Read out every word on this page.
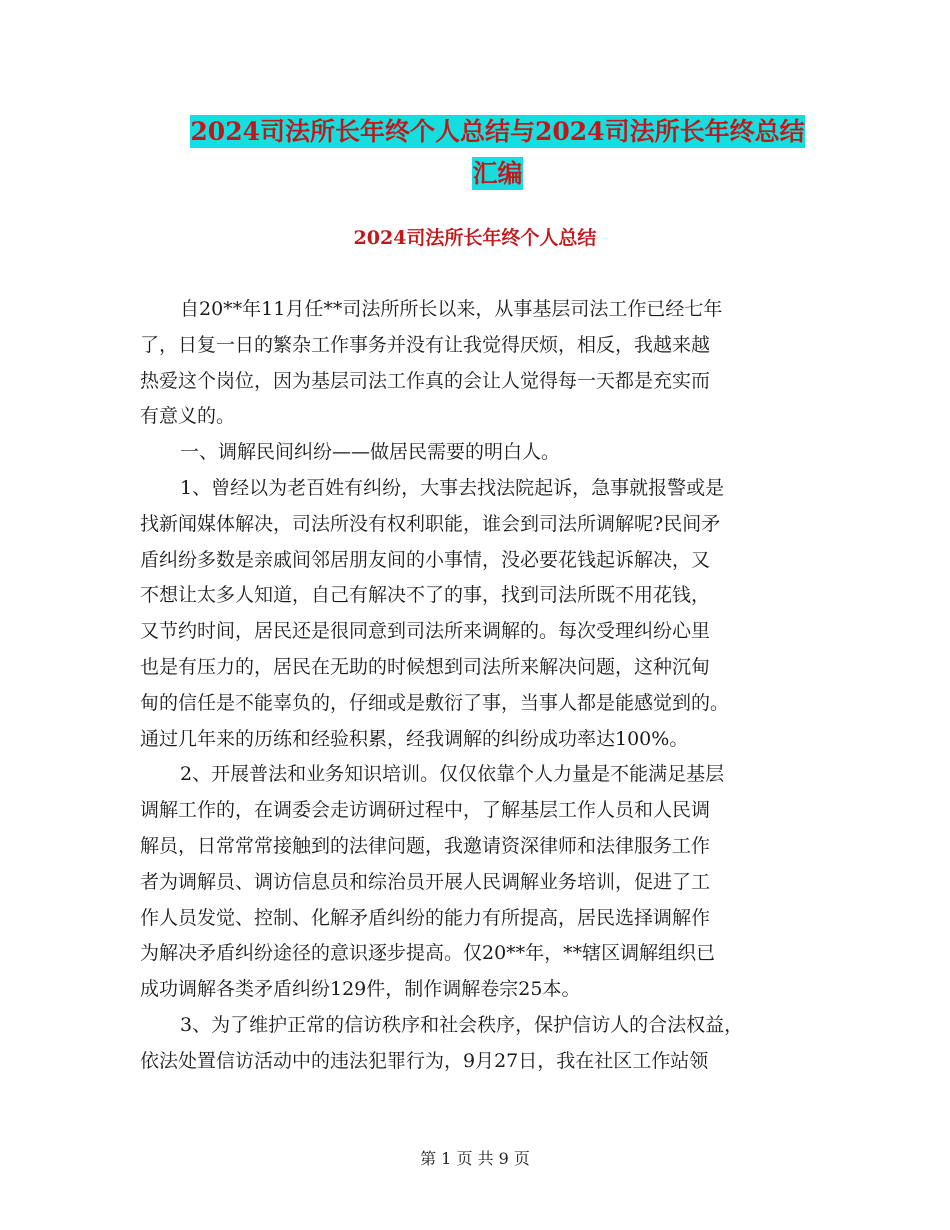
2024司法所长年终个人总结与2024司法所长年终总结
汇编
2024司法所长年终个人总结
自20**年11月任**司法所所长以来，从事基层司法工作已经七年
了，日复一日的繁杂工作事务并没有让我觉得厌烦，相反，我越来越
热爱这个岗位，因为基层司法工作真的会让人觉得每一天都是充实而
有意义的。
一、调解民间纠纷——做居民需要的明白人。
1、曾经以为老百姓有纠纷，大事去找法院起诉，急事就报警或是
找新闻媒体解决，司法所没有权利职能，谁会到司法所调解呢?民间矛
盾纠纷多数是亲戚间邻居朋友间的小事情，没必要花钱起诉解决，又
不想让太多人知道，自己有解决不了的事，找到司法所既不用花钱，
又节约时间，居民还是很同意到司法所来调解的。每次受理纠纷心里
也是有压力的，居民在无助的时候想到司法所来解决问题，这种沉甸
甸的信任是不能辜负的，仔细或是敷衍了事，当事人都是能感觉到的。
通过几年来的历练和经验积累，经我调解的纠纷成功率达100%。
2、开展普法和业务知识培训。仅仅依靠个人力量是不能满足基层
调解工作的，在调委会走访调研过程中，了解基层工作人员和人民调
解员，日常常常接触到的法律问题，我邀请资深律师和法律服务工作
者为调解员、调访信息员和综治员开展人民调解业务培训，促进了工
作人员发觉、控制、化解矛盾纠纷的能力有所提高，居民选择调解作
为解决矛盾纠纷途径的意识逐步提高。仅20**年，**辖区调解组织已
成功调解各类矛盾纠纷129件，制作调解卷宗25本。
3、为了维护正常的信访秩序和社会秩序，保护信访人的合法权益，
依法处置信访活动中的违法犯罪行为，9月27日，我在社区工作站领
第 1 页 共 9 页
